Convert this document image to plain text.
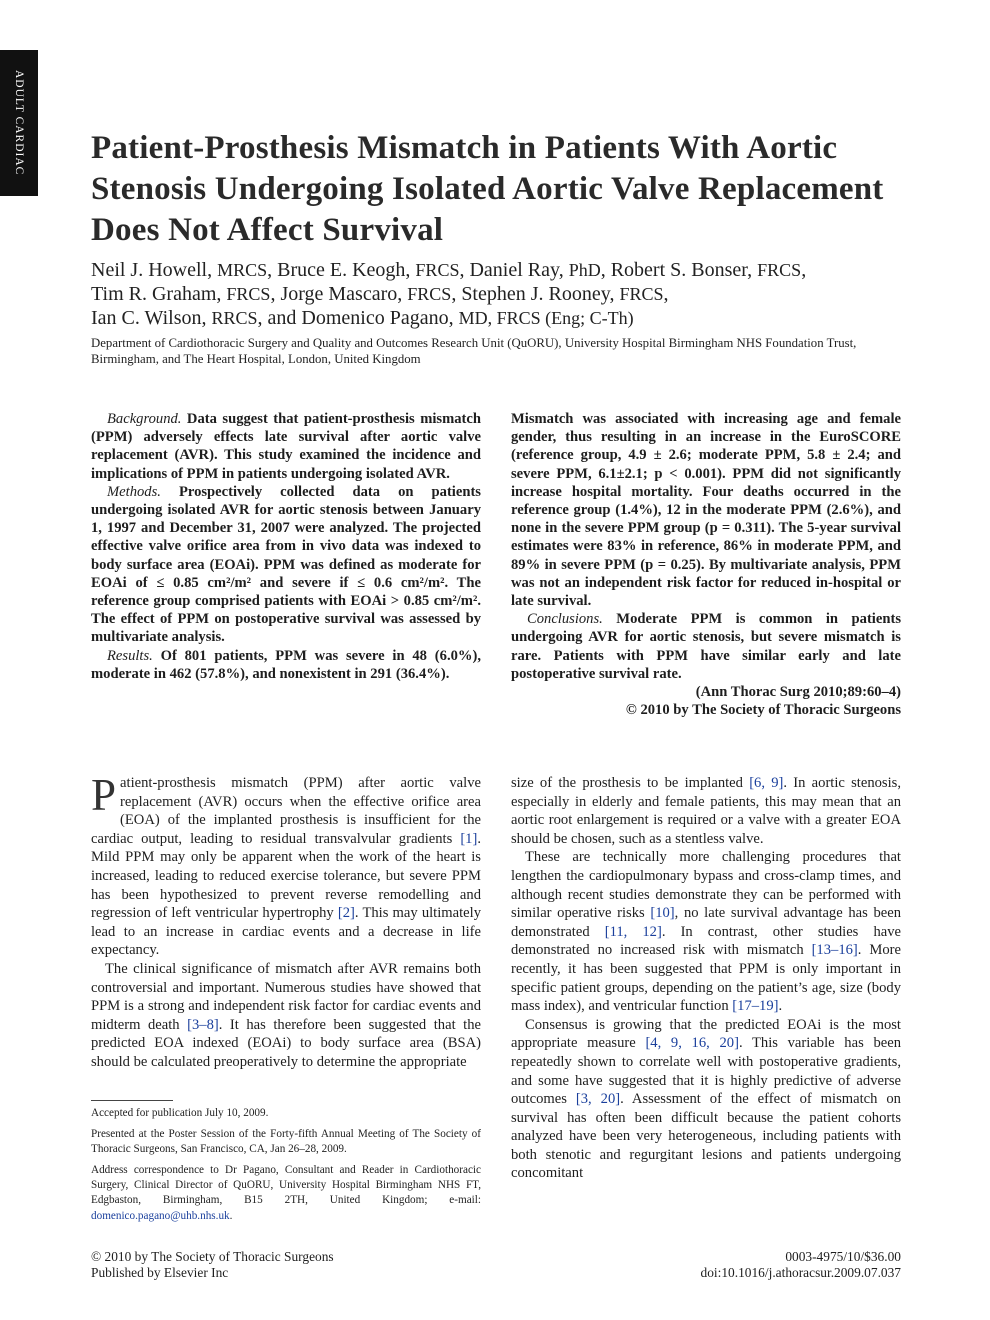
ADULT CARDIAC	Patient-Prosthesis Mismatch in Patients With Aortic Stenosis Undergoing Isolated Aortic Valve Replacement Does Not Affect Survival
Neil J. Howell, MRCS, Bruce E. Keogh, FRCS, Daniel Ray, PhD, Robert S. Bonser, FRCS,
Tim R. Graham, FRCS, Jorge Mascaro, FRCS, Stephen J. Rooney, FRCS,
Ian C. Wilson, RRCS, and Domenico Pagano, MD, FRCS (Eng; C-Th)
Department of Cardiothoracic Surgery and Quality and Outcomes Research Unit (QuORU), University Hospital Birmingham NHS Foundation Trust, Birmingham, and The Heart Hospital, London, United Kingdom

Background. Data suggest that patient-prosthesis mismatch (PPM) adversely effects late survival after aortic valve replacement (AVR). This study examined the incidence and implications of PPM in patients undergoing isolated AVR.

Methods. Prospectively collected data on patients undergoing isolated AVR for aortic stenosis between January 1, 1997 and December 31, 2007 were analyzed. The projected effective valve orifice area from in vivo data was indexed to body surface area (EOAi). PPM was defined as moderate for EOAi of ≤ 0.85 cm²/m² and severe if ≤ 0.6 cm²/m². The reference group comprised patients with EOAi > 0.85 cm²/m². The effect of PPM on postoperative survival was assessed by multivariate analysis.

Results. Of 801 patients, PPM was severe in 48 (6.0%), moderate in 462 (57.8%), and nonexistent in 291 (36.4%).

Mismatch was associated with increasing age and female gender, thus resulting in an increase in the EuroSCORE (reference group, 4.9 ± 2.6; moderate PPM, 5.8 ± 2.4; and severe PPM, 6.1±2.1; p < 0.001). PPM did not significantly increase hospital mortality. Four deaths occurred in the reference group (1.4%), 12 in the moderate PPM (2.6%), and none in the severe PPM group (p = 0.311). The 5-year survival estimates were 83% in reference, 86% in moderate PPM, and 89% in severe PPM (p = 0.25). By multivariate analysis, PPM was not an independent risk factor for reduced in-hospital or late survival.

Conclusions. Moderate PPM is common in patients undergoing AVR for aortic stenosis, but severe mismatch is rare. Patients with PPM have similar early and late postoperative survival rate.

(Ann Thorac Surg 2010;89:60–4)

© 2010 by The Society of Thoracic Surgeons

Patient-prosthesis mismatch (PPM) after aortic valve replacement (AVR) occurs when the effective orifice area (EOA) of the implanted prosthesis is insufficient for the cardiac output, leading to residual transvalvular gradients [1]. Mild PPM may only be apparent when the work of the heart is increased, leading to reduced exercise tolerance, but severe PPM has been hypothesized to prevent reverse remodelling and regression of left ventricular hypertrophy [2]. This may ultimately lead to an increase in cardiac events and a decrease in life expectancy.

The clinical significance of mismatch after AVR remains both controversial and important. Numerous studies have showed that PPM is a strong and independent risk factor for cardiac events and midterm death [3–8]. It has therefore been suggested that the predicted EOA indexed (EOAi) to body surface area (BSA) should be calculated preoperatively to determine the appropriate

size of the prosthesis to be implanted [6, 9]. In aortic stenosis, especially in elderly and female patients, this may mean that an aortic root enlargement is required or a valve with a greater EOA should be chosen, such as a stentless valve.

These are technically more challenging procedures that lengthen the cardiopulmonary bypass and cross-clamp times, and although recent studies demonstrate they can be performed with similar operative risks [10], no late survival advantage has been demonstrated [11, 12]. In contrast, other studies have demonstrated no increased risk with mismatch [13–16]. More recently, it has been suggested that PPM is only important in specific patient groups, depending on the patient’s age, size (body mass index), and ventricular function [17–19].

Consensus is growing that the predicted EOAi is the most appropriate measure [4, 9, 16, 20]. This variable has been repeatedly shown to correlate well with postoperative gradients, and some have suggested that it is highly predictive of adverse outcomes [3, 20]. Assessment of the effect of mismatch on survival has often been difficult because the patient cohorts analyzed have been very heterogeneous, including patients with both stenotic and regurgitant lesions and patients undergoing concomitant

Accepted for publication July 10, 2009.

Presented at the Poster Session of the Forty-fifth Annual Meeting of The Society of Thoracic Surgeons, San Francisco, CA, Jan 26–28, 2009.

Address correspondence to Dr Pagano, Consultant and Reader in Cardiothoracic Surgery, Clinical Director of QuORU, University Hospital Birmingham NHS FT, Edgbaston, Birmingham, B15 2TH, United Kingdom; e-mail: domenico.pagano@uhb.nhs.uk.

© 2010 by The Society of Thoracic Surgeons
Published by Elsevier Inc
0003-4975/10/$36.00
doi:10.1016/j.athoracsur.2009.07.037
